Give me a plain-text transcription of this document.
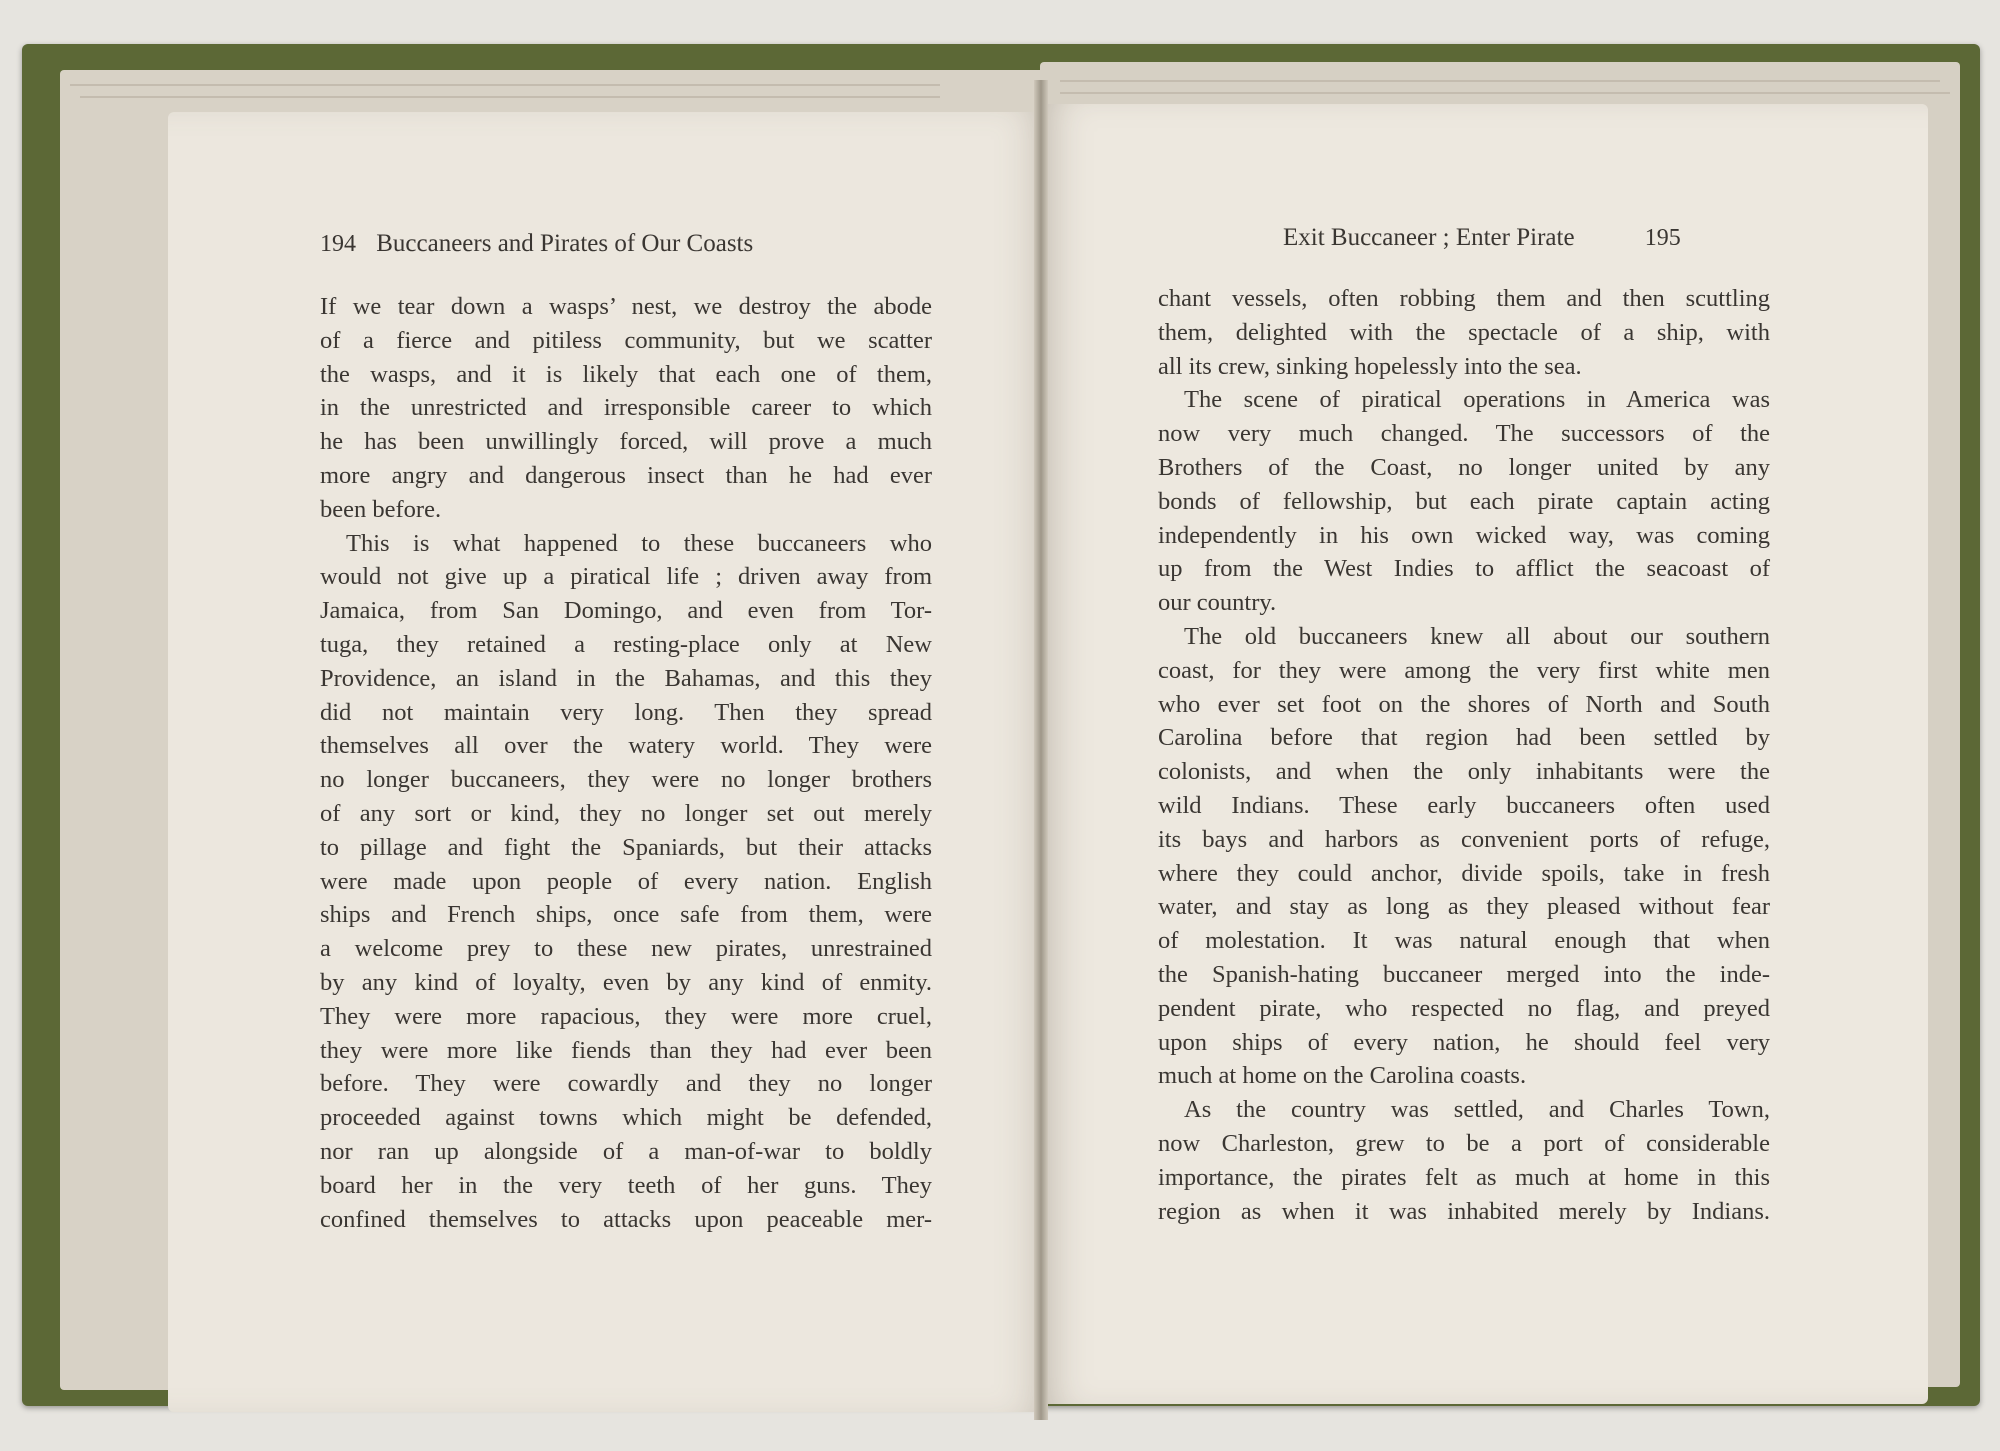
194 Buccaneers and Pirates of Our Coasts	Exit Buccaneer ; Enter Pirate	195
If we tear down a wasps’ nest, we destroy the abode
of a fierce and pitiless community, but we scatter
the wasps, and it is likely that each one of them,
in the unrestricted and irresponsible career to which
he has been unwillingly forced, will prove a much
more angry and dangerous insect than he had ever
been before.
This is what happened to these buccaneers who
would not give up a piratical life ; driven away from
Jamaica, from San Domingo, and even from Tor-
tuga, they retained a resting-place only at New
Providence, an island in the Bahamas, and this they
did not maintain very long. Then they spread
themselves all over the watery world. They were
no longer buccaneers, they were no longer brothers
of any sort or kind, they no longer set out merely
to pillage and fight the Spaniards, but their attacks
were made upon people of every nation. English
ships and French ships, once safe from them, were
a welcome prey to these new pirates, unrestrained
by any kind of loyalty, even by any kind of enmity.
They were more rapacious, they were more cruel,
they were more like fiends than they had ever been
before. They were cowardly and they no longer
proceeded against towns which might be defended,
nor ran up alongside of a man-of-war to boldly
board her in the very teeth of her guns. They
confined themselves to attacks upon peaceable mer-
chant vessels, often robbing them and then scuttling
them, delighted with the spectacle of a ship, with
all its crew, sinking hopelessly into the sea.
The scene of piratical operations in America was
now very much changed. The successors of the
Brothers of the Coast, no longer united by any
bonds of fellowship, but each pirate captain acting
independently in his own wicked way, was coming
up from the West Indies to afflict the seacoast of
our country.
The old buccaneers knew all about our southern
coast, for they were among the very first white men
who ever set foot on the shores of North and South
Carolina before that region had been settled by
colonists, and when the only inhabitants were the
wild Indians. These early buccaneers often used
its bays and harbors as convenient ports of refuge,
where they could anchor, divide spoils, take in fresh
water, and stay as long as they pleased without fear
of molestation. It was natural enough that when
the Spanish-hating buccaneer merged into the inde-
pendent pirate, who respected no flag, and preyed
upon ships of every nation, he should feel very
much at home on the Carolina coasts.
As the country was settled, and Charles Town,
now Charleston, grew to be a port of considerable
importance, the pirates felt as much at home in this
region as when it was inhabited merely by Indians.
